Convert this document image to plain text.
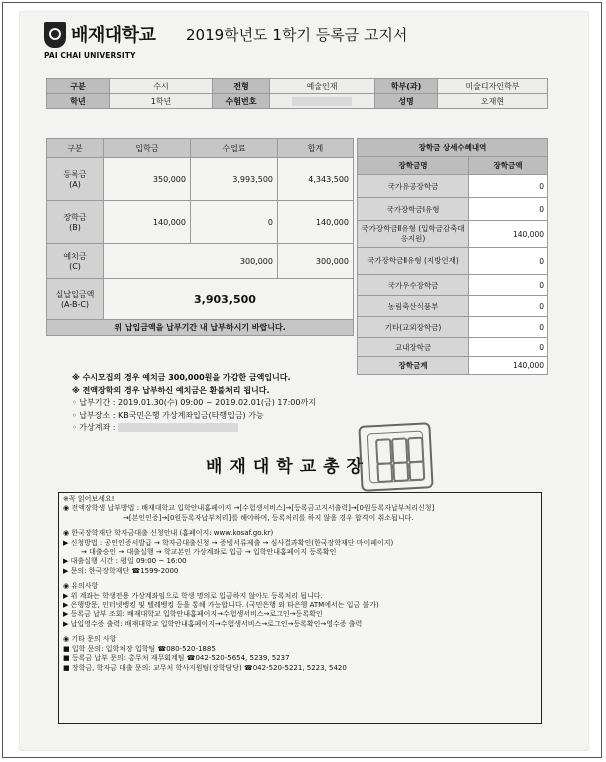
배재대학교
PAI CHAI UNIVERSITY
2019학년도 1학기 등록금 고지서
구분	수시	전형	예술인재	학부(과)	미술디자인학부
학년	1학년	수험번호		성명	오재현
구분	입학금	수업료	합계

등록금
(A)	350,000	3,993,500	4,343,500

장학금
(B)	140,000	0	140,000

예치금
(C)	300,000		300,000

실납입금액
(A-B-C)	3,903,500		
위 납입금액을 납부기간 내 납부하시기 바랍니다.			
장학금 상세수혜내역	
장학금명	장학금액
국가유공장학금	0
국가장학금Ⅰ유형	0
국가장학금Ⅱ유형 (입학금감축대응지원)	140,000
국가장학금Ⅱ유형 (지방인재)	0
국가우수장학금	0
농림축산식품부	0
기타(교외장학금)	0
교내장학금	0
장학금계	140,000
※ 수시모집의 경우 예치금 300,000원을 가감한 금액입니다.
※ 전액장학의 경우 납부하신 예치금은 환불처리 됩니다.
◦ 납부기간 : 2019.01.30(수) 09:00 ~ 2019.02.01(금) 17:00까지
◦ 납부장소 : KB국민은행 가상계좌입금(타행입금) 가능
◦ 가상계좌 :
배재대학교총장
※꼭 읽어보세요!
◉ 전액장학생 납부방법 : 배재대학교 입학안내홈페이지 →[수험생서비스]→[등록금고지서출력]→[0원등록자납부처리신청]
→[본인인증]→[0원등록자납부처리]를 해야하며, 등록처리를 하지 않을 경우 합격이 취소됩니다.
◉ 한국장학재단 학자금대출 신청안내 (홈페이지: www.kosaf.go.kr)
▶ 신청방법 : 공인인증서발급 → 학자금대출신청 → 증빙서류제출 → 심사결과확인(한국장학재단 마이페이지)
→ 대출승인 → 대출실행 → 학교본인 가상계좌로 입금 → 입학안내홈페이지 등록확인
▶ 대출실행 시간 : 평일 09:00 ~ 16:00
▶ 문의: 한국장학재단 ☎1599-2000
◉ 유의사항
▶ 위 계좌는 학생전용 가상계좌임으로 학생 명의로 입금하지 않아도 등록처리 됩니다.
▶ 은행방문, 인터넷뱅킹 및 텔레뱅킹 등을 통해 가능합니다. (국민은행 외 타은행 ATM에서는 입금 불가)
▶ 등록금 납부 조회: 배재대학교 입학안내홈페이지→수험생서비스→로그인→등록확인
▶ 납입영수증 출력: 배재대학교 입학안내홈페이지→수험생서비스→로그인→등록확인→영수증 출력
◉ 기타 문의 사항
■ 입학 문의: 입학처장 입학팀 ☎080-520-1885
■ 등록금 납부 문의: 총무처 재무회계팀 ☎042-520-5654, 5239, 5237
■ 장학금, 학자금 대출 문의: 교무처 학사지원팀(장학담당) ☎042-520-5221, 5223, 5420
